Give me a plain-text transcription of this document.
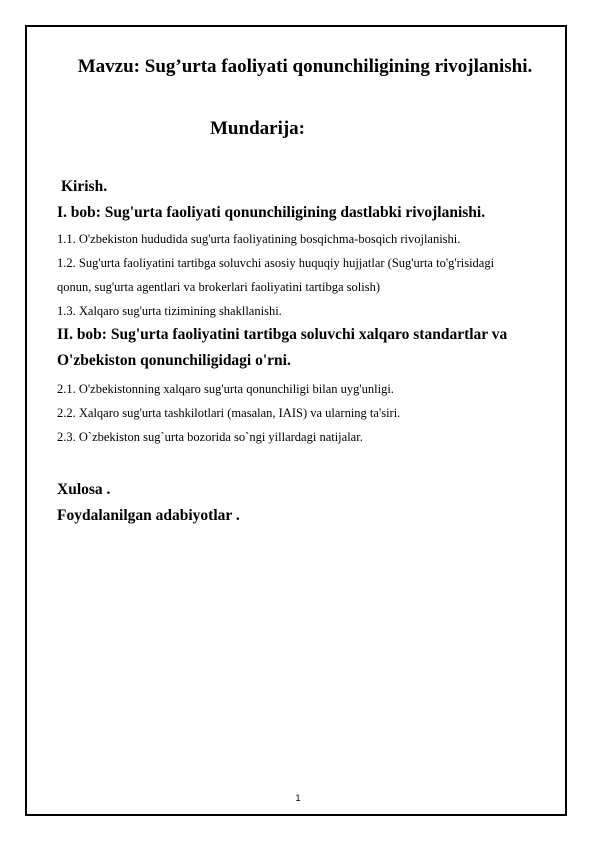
Mavzu: Sug’urta faoliyati qonunchiligining rivojlanishi.
Mundarija:

Kirish.

I. bob: Sug'urta faoliyati qonunchiligining dastlabki rivojlanishi.

1.1. O'zbekiston hududida sug'urta faoliyatining bosqichma-bosqich rivojlanishi.

1.2. Sug'urta faoliyatini tartibga soluvchi asosiy huquqiy hujjatlar (Sug'urta to'g'risidagi

qonun, sug'urta agentlari va brokerlari faoliyatini tartibga solish)

1.3. Xalqaro sug'urta tizimining shakllanishi.

II. bob: Sug'urta faoliyatini tartibga soluvchi xalqaro standartlar va

O'zbekiston qonunchiligidagi o'rni.

2.1. O'zbekistonning xalqaro sug'urta qonunchiligi bilan uyg'unligi.

2.2. Xalqaro sug'urta tashkilotlari (masalan, IAIS) va ularning ta'siri.

2.3. O`zbekiston sug`urta bozorida so`ngi yillardagi natijalar.

Xulosa .

Foydalanilgan adabiyotlar .

1
